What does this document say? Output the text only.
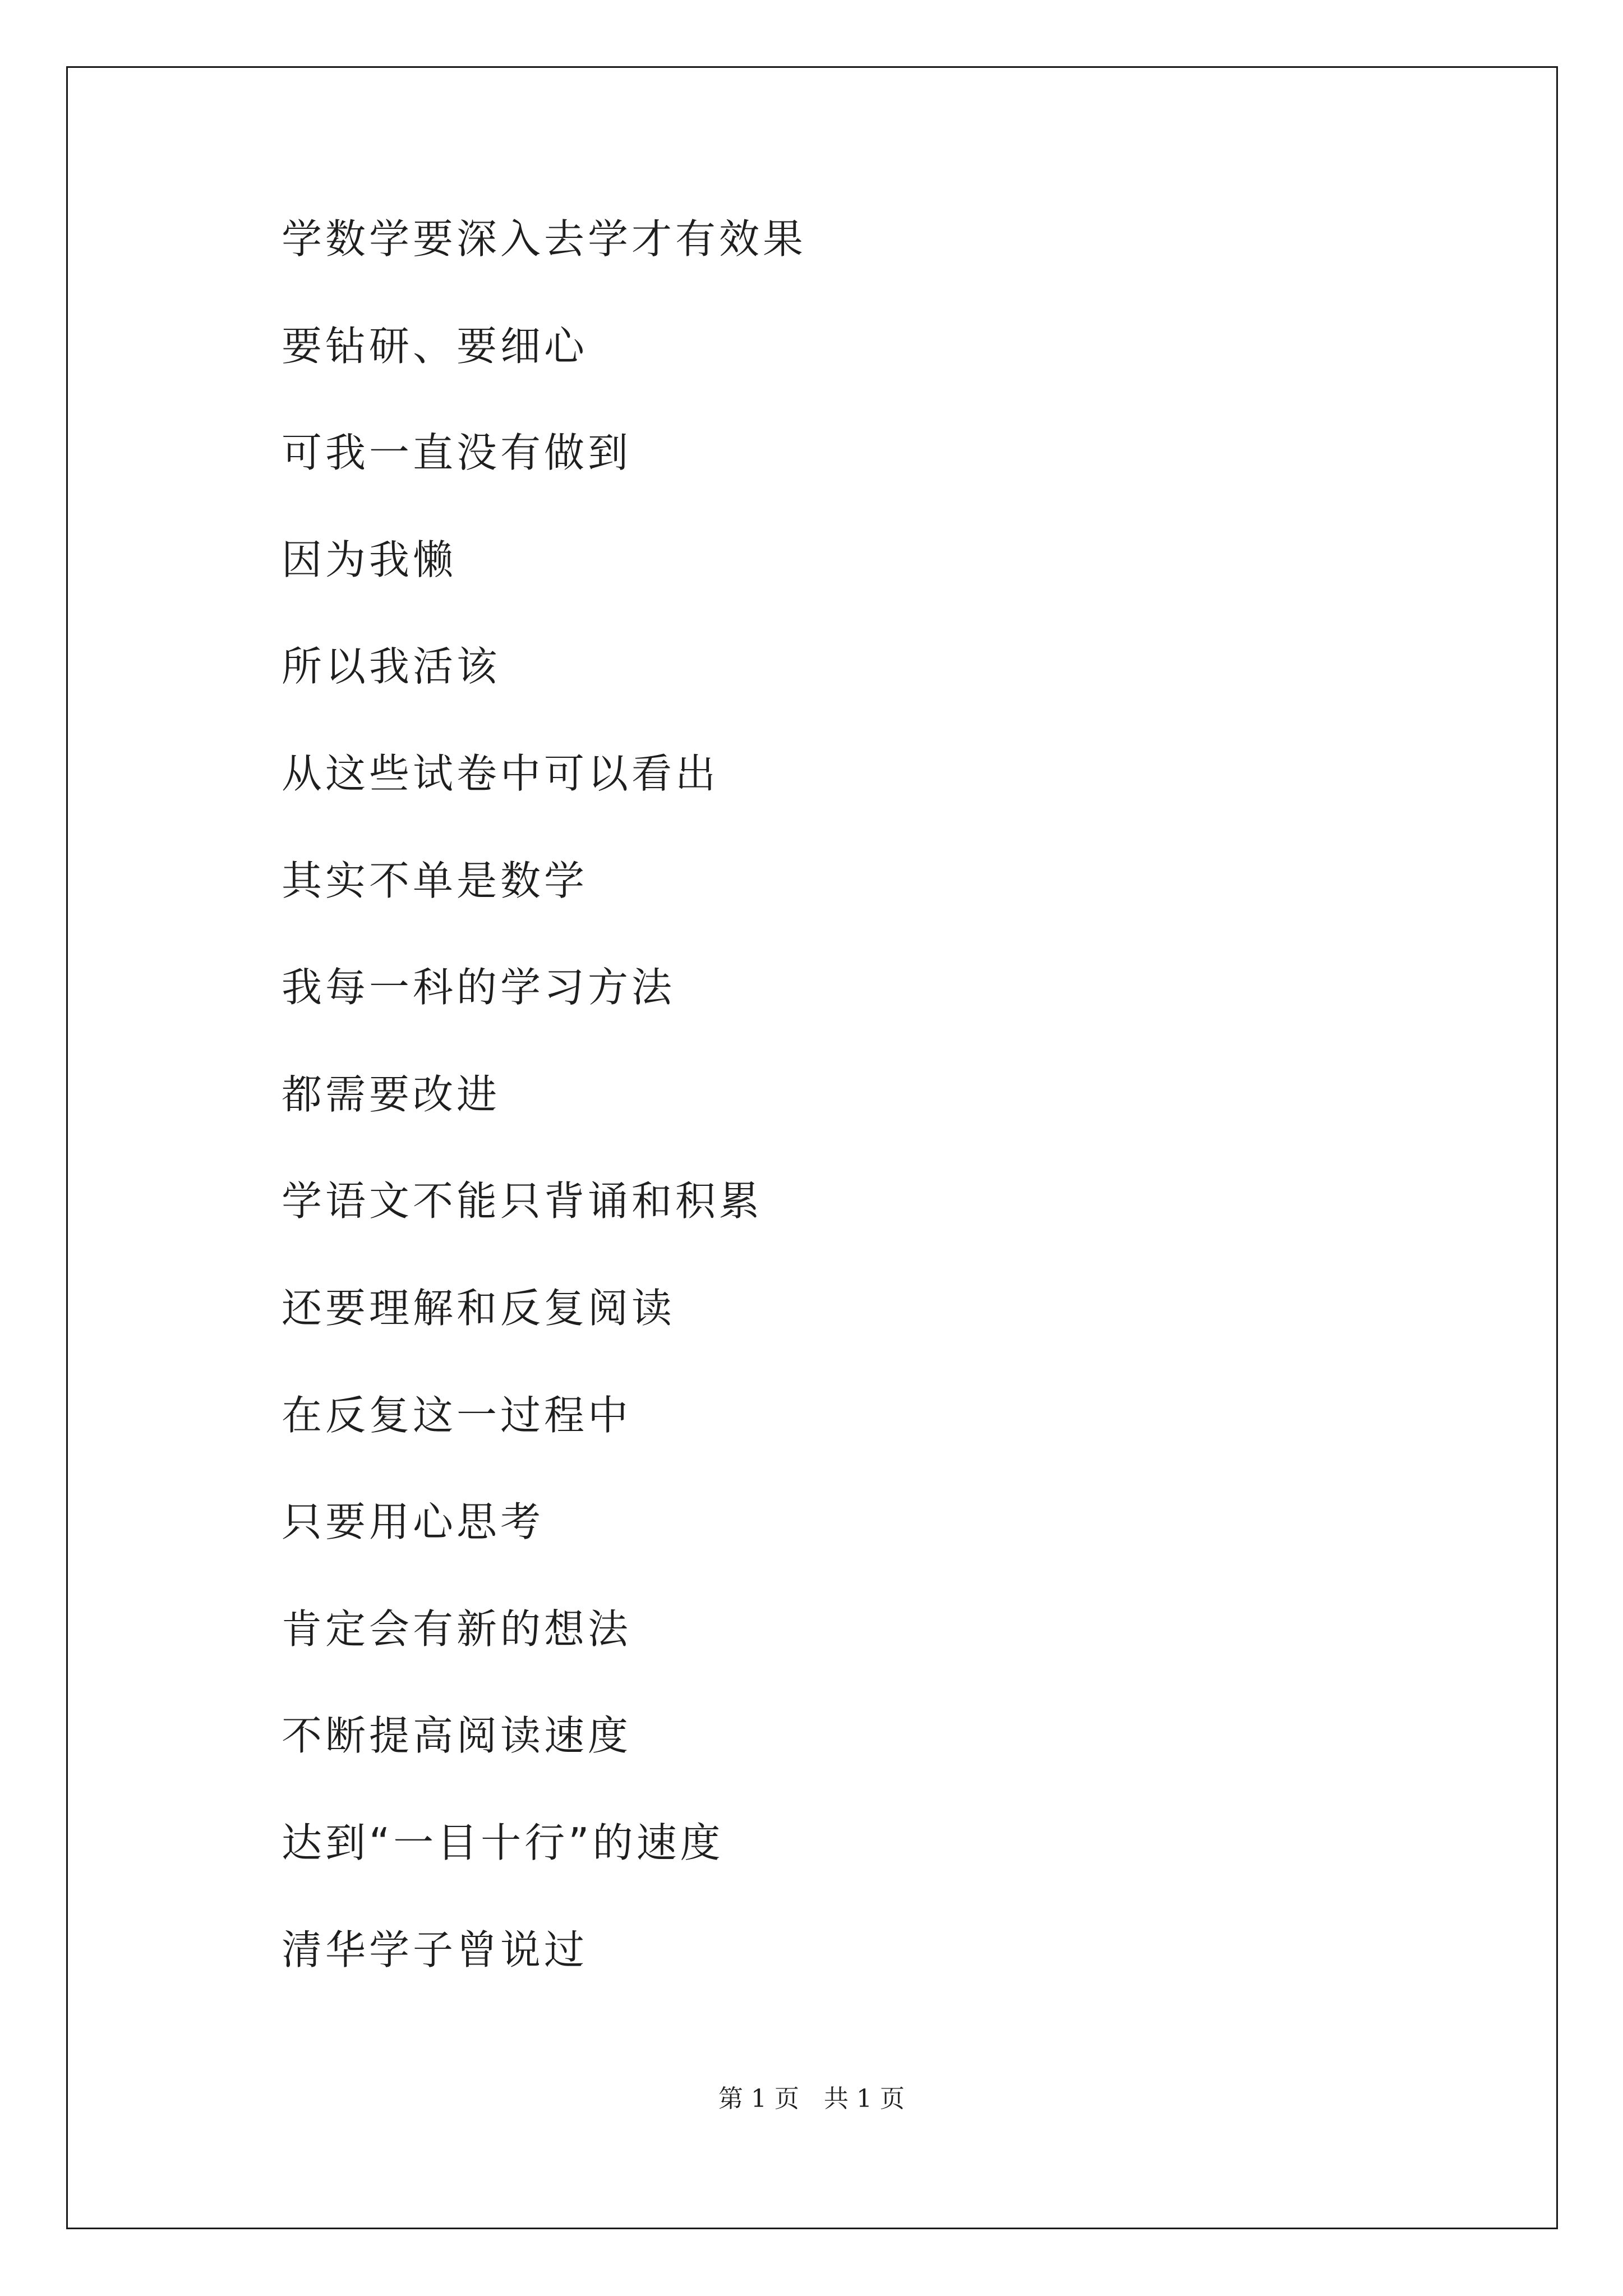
学数学要深入去学才有效果
要钻研、要细心
可我一直没有做到
因为我懒
所以我活该
从这些试卷中可以看出
其实不单是数学
我每一科的学习方法
都需要改进
学语文不能只背诵和积累
还要理解和反复阅读
在反复这一过程中
只要用心思考
肯定会有新的想法
不断提高阅读速度
达到“一目十行”的速度
清华学子曾说过
第 1 页　共 1 页
